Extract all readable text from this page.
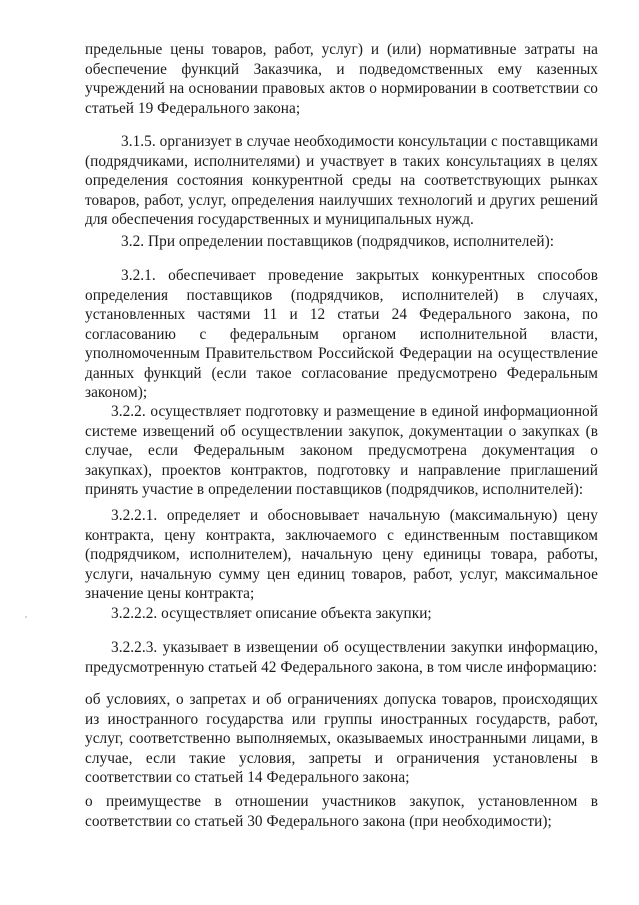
предельные цены товаров, работ, услуг) и (или) нормативные затраты на обеспечение функций Заказчика, и подведомственных ему казенных учреждений на основании правовых актов о нормировании в соответствии со статьей 19 Федерального закона;

3.1.5. организует в случае необходимости консультации с поставщиками (подрядчиками, исполнителями) и участвует в таких консультациях в целях определения состояния конкурентной среды на соответствующих рынках товаров, работ, услуг, определения наилучших технологий и других решений для обеспечения государственных и муниципальных нужд.

3.2. При определении поставщиков (подрядчиков, исполнителей):

3.2.1. обеспечивает проведение закрытых конкурентных способов определения поставщиков (подрядчиков, исполнителей) в случаях, установленных частями 11 и 12 статьи 24 Федерального закона, по согласованию с федеральным органом исполнительной власти, уполномоченным Правительством Российской Федерации на осуществление данных функций (если такое согласование предусмотрено Федеральным законом);

3.2.2. осуществляет подготовку и размещение в единой информационной системе извещений об осуществлении закупок, документации о закупках (в случае, если Федеральным законом предусмотрена документация о закупках), проектов контрактов, подготовку и направление приглашений принять участие в определении поставщиков (подрядчиков, исполнителей):

3.2.2.1. определяет и обосновывает начальную (максимальную) цену контракта, цену контракта, заключаемого с единственным поставщиком (подрядчиком, исполнителем), начальную цену единицы товара, работы, услуги, начальную сумму цен единиц товаров, работ, услуг, максимальное значение цены контракта;

3.2.2.2. осуществляет описание объекта закупки;

3.2.2.3. указывает в извещении об осуществлении закупки информацию, предусмотренную статьей 42 Федерального закона, в том числе информацию:

об условиях, о запретах и об ограничениях допуска товаров, происходящих из иностранного государства или группы иностранных государств, работ, услуг, соответственно выполняемых, оказываемых иностранными лицами, в случае, если такие условия, запреты и ограничения установлены в соответствии со статьей 14 Федерального закона;

о преимуществе в отношении участников закупок, установленном в соответствии со статьей 30 Федерального закона (при необходимости);
